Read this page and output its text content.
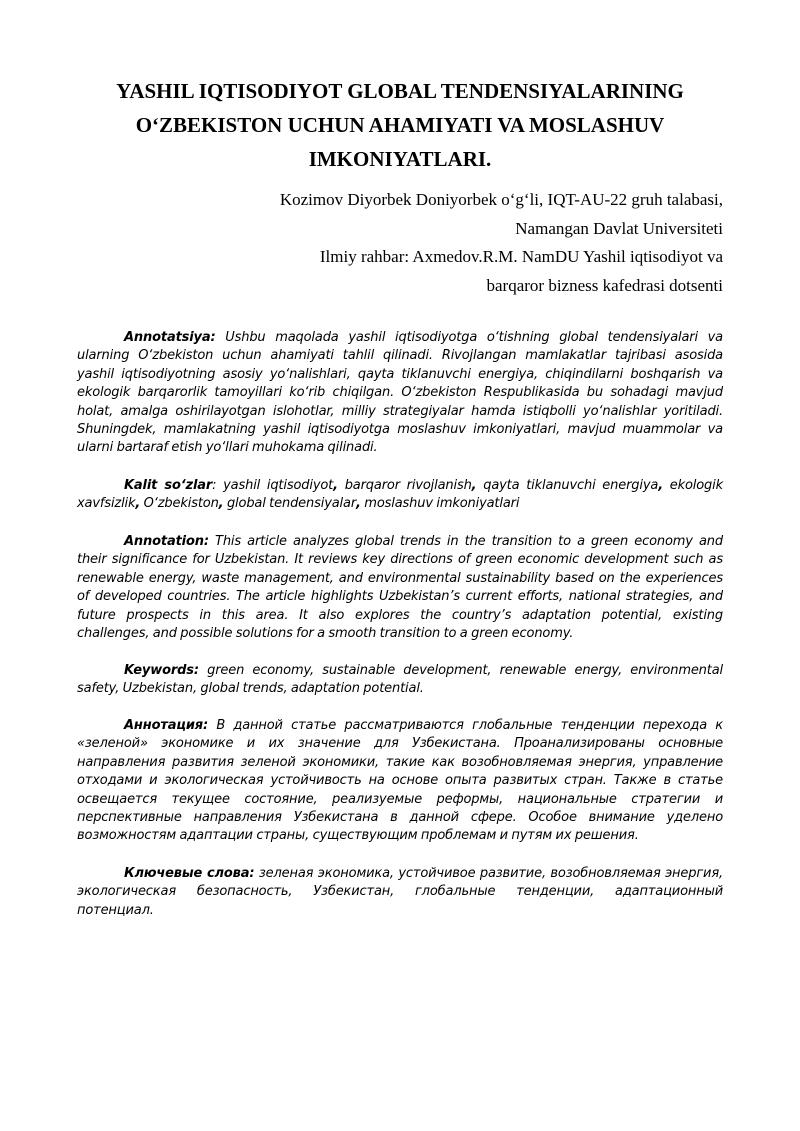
YASHIL IQTISODIYOT GLOBAL TENDENSIYALARINING
O‘ZBEKISTON UCHUN AHAMIYATI VA MOSLASHUV
IMKONIYATLARI.
Kozimov Diyorbek Doniyorbek o‘g‘li, IQT-AU-22 gruh talabasi,
Namangan Davlat Universiteti
Ilmiy rahbar: Axmedov.R.M. NamDU Yashil iqtisodiyot va
barqaror bizness kafedrasi dotsenti
Annotatsiya: Ushbu maqolada yashil iqtisodiyotga o‘tishning global tendensiyalari va
ularning O‘zbekiston uchun ahamiyati tahlil qilinadi. Rivojlangan mamlakatlar tajribasi asosida
yashil iqtisodiyotning asosiy yo‘nalishlari, qayta tiklanuvchi energiya, chiqindilarni boshqarish va
ekologik barqarorlik tamoyillari ko‘rib chiqilgan. O‘zbekiston Respublikasida bu sohadagi mavjud
holat, amalga oshirilayotgan islohotlar, milliy strategiyalar hamda istiqbolli yo‘nalishlar yoritiladi.
Shuningdek, mamlakatning yashil iqtisodiyotga moslashuv imkoniyatlari, mavjud muammolar va
ularni bartaraf etish yo‘llari muhokama qilinadi.
Kalit so‘zlar: yashil iqtisodiyot, barqaror rivojlanish, qayta tiklanuvchi energiya, ekologik
xavfsizlik, O‘zbekiston, global tendensiyalar, moslashuv imkoniyatlari
Annotation: This article analyzes global trends in the transition to a green economy and
their significance for Uzbekistan. It reviews key directions of green economic development such as
renewable energy, waste management, and environmental sustainability based on the experiences
of developed countries. The article highlights Uzbekistan’s current efforts, national strategies, and
future prospects in this area. It also explores the country’s adaptation potential, existing
challenges, and possible solutions for a smooth transition to a green economy.
Keywords: green economy, sustainable development, renewable energy, environmental
safety, Uzbekistan, global trends, adaptation potential.
Аннотация: В данной статье рассматриваются глобальные тенденции перехода к
«зеленой» экономике и их значение для Узбекистана. Проанализированы основные
направления развития зеленой экономики, такие как возобновляемая энергия, управление
отходами и экологическая устойчивость на основе опыта развитых стран. Также в статье
освещается текущее состояние, реализуемые реформы, национальные стратегии и
перспективные направления Узбекистана в данной сфере. Особое внимание уделено
возможностям адаптации страны, существующим проблемам и путям их решения.
Ключевые слова: зеленая экономика, устойчивое развитие, возобновляемая энергия,
экологическая безопасность, Узбекистан, глобальные тенденции, адаптационный
потенциал.
